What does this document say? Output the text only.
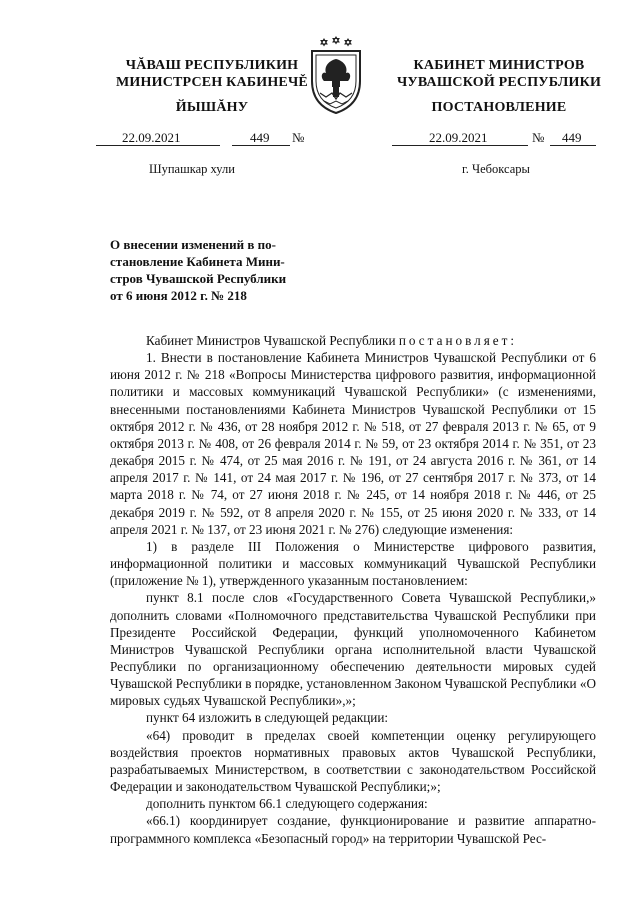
ЧĂВАШ РЕСПУБЛИКИН
МИНИСТРСЕН КАБИНЕЧĚ
ЙЫШĂНУ
КАБИНЕТ МИНИСТРОВ
ЧУВАШСКОЙ РЕСПУБЛИКИ
ПОСТАНОВЛЕНИЕ
22.09.2021	449 №	22.09.2021	№ 449
Шупашкар хули	г. Чебоксары
О внесении изменений в по-
становление Кабинета Мини-
стров Чувашской Республики
от 6 июня 2012 г. № 218

Кабинет Министров Чувашской Республики постановляет:

1. Внести в постановление Кабинета Министров Чувашской Республики от 6 июня 2012 г. № 218 «Вопросы Министерства цифрового развития, информационной политики и массовых коммуникаций Чувашской Республики» (с изменениями, внесенными постановлениями Кабинета Министров Чувашской Республики от 15 октября 2012 г. № 436, от 28 ноября 2012 г. № 518, от 27 февраля 2013 г. № 65, от 9 октября 2013 г. № 408, от 26 февраля 2014 г. № 59, от 23 октября 2014 г. № 351, от 23 декабря 2015 г. № 474, от 25 мая 2016 г. № 191, от 24 августа 2016 г. № 361, от 14 апреля 2017 г. № 141, от 24 мая 2017 г. № 196, от 27 сентября 2017 г. № 373, от 14 марта 2018 г. № 74, от 27 июня 2018 г. № 245, от 14 ноября 2018 г. № 446, от 25 декабря 2019 г. № 592, от 8 апреля 2020 г. № 155, от 25 июня 2020 г. № 333, от 14 апреля 2021 г. № 137, от 23 июня 2021 г. № 276) следующие изменения:

1) в разделе III Положения о Министерстве цифрового развития, информационной политики и массовых коммуникаций Чувашской Республики (приложение № 1), утвержденного указанным постановлением:

пункт 8.1 после слов «Государственного Совета Чувашской Республики,» дополнить словами «Полномочного представительства Чувашской Республики при Президенте Российской Федерации, функций уполномоченного Кабинетом Министров Чувашской Республики органа исполнительной власти Чувашской Республики по организационному обеспечению деятельности мировых судей Чувашской Республики в порядке, установленном Законом Чувашской Республики «О мировых судьях Чувашской Республики»,»;

пункт 64 изложить в следующей редакции:

«64) проводит в пределах своей компетенции оценку регулирующего воздействия проектов нормативных правовых актов Чувашской Республики, разрабатываемых Министерством, в соответствии с законодательством Российской Федерации и законодательством Чувашской Республики;»;

дополнить пунктом 66.1 следующего содержания:

«66.1) координирует создание, функционирование и развитие аппаратно-программного комплекса «Безопасный город» на территории Чувашской Рес-
